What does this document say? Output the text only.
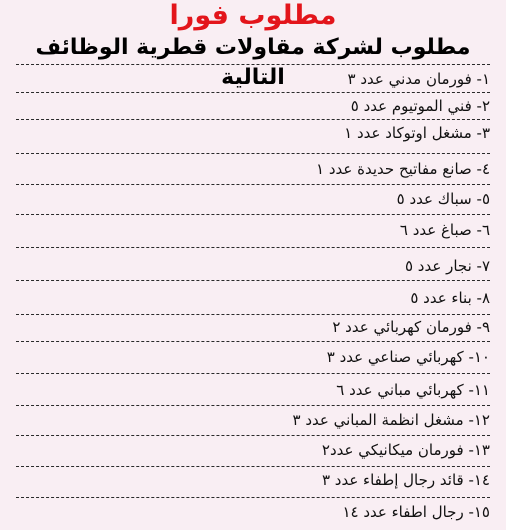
مطلوب فورا
مطلوب لشركة مقاولات قطرية الوظائف التالية	١- فورمان مدني عدد ٣
٢- فني الموتيوم عدد ٥
٣- مشغل اوتوكاد عدد ١
٤- صانع مفاتيح حديدة عدد ١
٥- سباك عدد ٥
٦- صباغ عدد ٦
٧- نجار عدد ٥
٨- بناء عدد ٥
٩- فورمان كهربائي عدد ٢
١٠- كهربائي صناعي عدد ٣
١١- كهربائي مباني عدد ٦
١٢- مشغل انظمة المباني عدد ٣
١٣- فورمان ميكانيكي عدد٢
١٤- قائد رجال إطفاء عدد ٣
١٥- رجال اطفاء عدد ١٤
